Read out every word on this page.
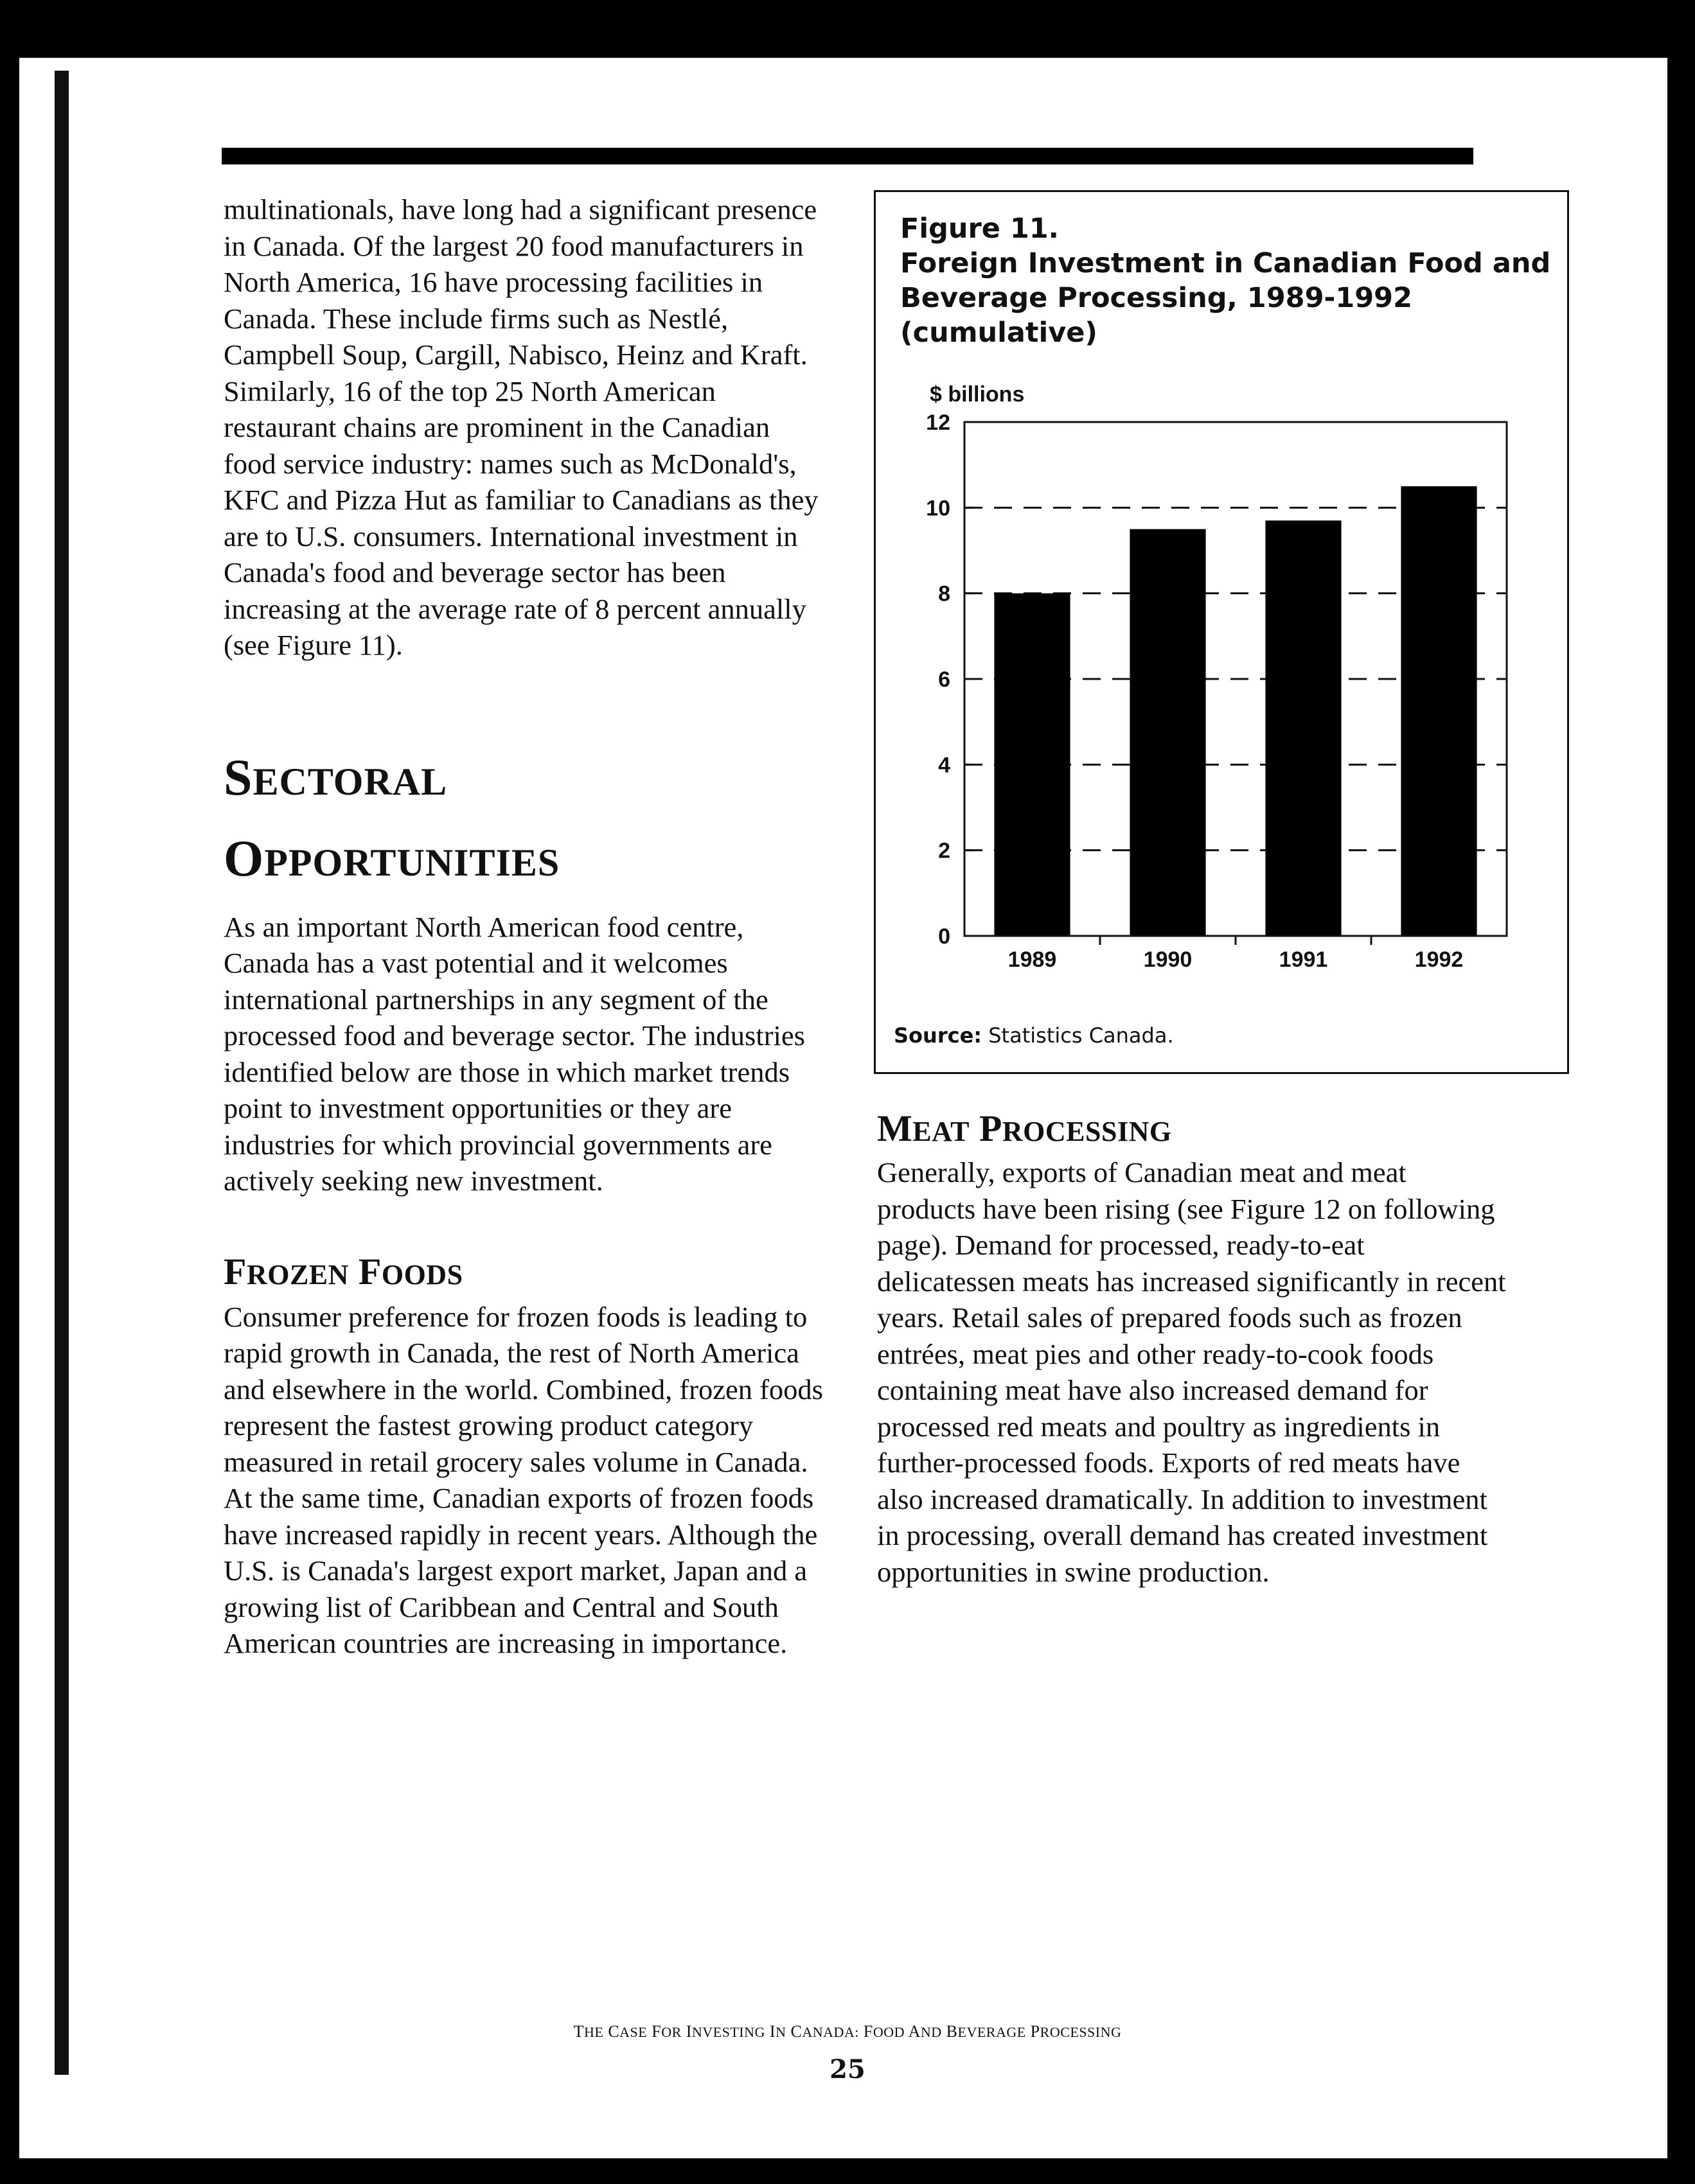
multinationals, have long had a significant presence in Canada. Of the largest 20 food manufacturers in North America, 16 have processing facilities in Canada. These include firms such as Nestlé, Campbell Soup, Cargill, Nabisco, Heinz and Kraft. Similarly, 16 of the top 25 North American restaurant chains are prominent in the Canadian food service industry: names such as McDonald's, KFC and Pizza Hut as familiar to Canadians as they are to U.S. consumers. International investment in Canada's food and beverage sector has been increasing at the average rate of 8 percent annually (see Figure 11).

SECTORAL
OPPORTUNITIES

As an important North American food centre, Canada has a vast potential and it welcomes international partnerships in any segment of the processed food and beverage sector. The industries identified below are those in which market trends point to investment opportunities or they are industries for which provincial governments are actively seeking new investment.

FROZEN FOODS

Consumer preference for frozen foods is leading to rapid growth in Canada, the rest of North America and elsewhere in the world. Combined, frozen foods represent the fastest growing product category measured in retail grocery sales volume in Canada. At the same time, Canadian exports of frozen foods have increased rapidly in recent years. Although the U.S. is Canada's largest export market, Japan and a growing list of Caribbean and Central and South American countries are increasing in importance.

Figure 11.
Foreign Investment in Canadian Food and
Beverage Processing, 1989-1992
(cumulative)
$ billions
0
2
4
6
8
10
12
1989	1990	1991	1992
Source: Statistics Canada.
MEAT PROCESSING

Generally, exports of Canadian meat and meat products have been rising (see Figure 12 on following page). Demand for processed, ready-to-eat delicatessen meats has increased significantly in recent years. Retail sales of prepared foods such as frozen entrées, meat pies and other ready-to-cook foods containing meat have also increased demand for processed red meats and poultry as ingredients in further-processed foods. Exports of red meats have also increased dramatically. In addition to investment in processing, overall demand has created investment opportunities in swine production.

THE CASE FOR INVESTING IN CANADA: FOOD AND BEVERAGE PROCESSING
25
